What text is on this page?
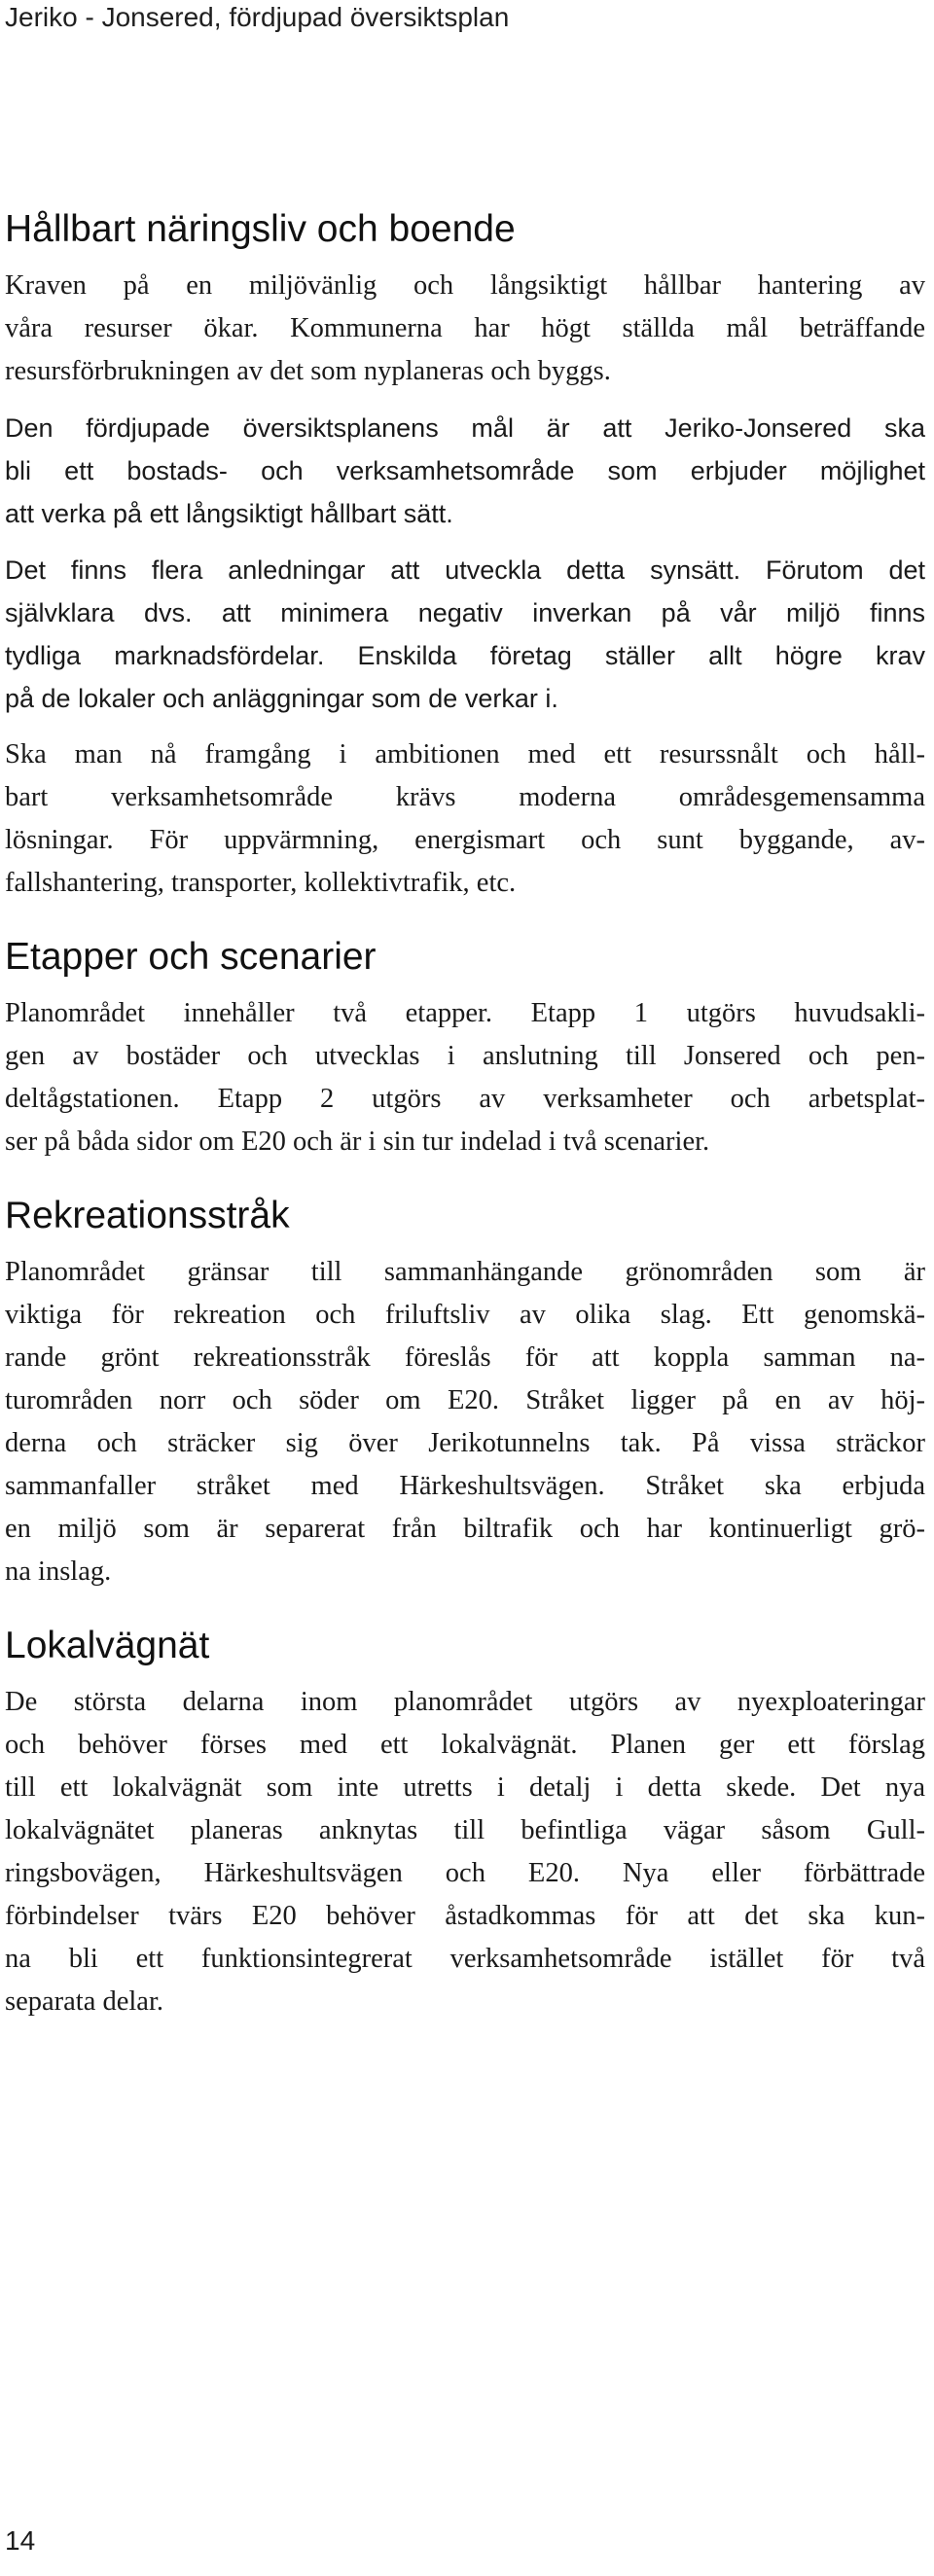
Jeriko - Jonsered, fördjupad översiktsplan
Hållbart näringsliv och boende

Kraven på en miljövänlig och långsiktigt hållbar hantering av
våra resurser ökar. Kommunerna har högt ställda mål beträffande
resursförbrukningen av det som nyplaneras och byggs.

Den fördjupade översiktsplanens mål är att Jeriko-Jonsered ska
bli ett bostads- och verksamhetsområde som erbjuder möjlighet
att verka på ett långsiktigt hållbart sätt.

Det finns flera anledningar att utveckla detta synsätt. Förutom det
självklara dvs. att minimera negativ inverkan på vår miljö finns
tydliga marknadsfördelar. Enskilda företag ställer allt högre krav
på de lokaler och anläggningar som de verkar i.

Ska man nå framgång i ambitionen med ett resurssnålt och håll-
bart verksamhetsområde krävs moderna områdesgemensamma
lösningar. För uppvärmning, energismart och sunt byggande, av-
fallshantering, transporter, kollektivtrafik, etc.

Etapper och scenarier

Planområdet innehåller två etapper. Etapp 1 utgörs huvudsakli-
gen av bostäder och utvecklas i anslutning till Jonsered och pen-
deltågstationen. Etapp 2 utgörs av verksamheter och arbetsplat-
ser på båda sidor om E20 och är i sin tur indelad i två scenarier.

Rekreationsstråk

Planområdet gränsar till sammanhängande grönområden som är
viktiga för rekreation och friluftsliv av olika slag. Ett genomskä-
rande grönt rekreationsstråk föreslås för att koppla samman na-
turområden norr och söder om E20. Stråket ligger på en av höj-
derna och sträcker sig över Jerikotunnelns tak. På vissa sträckor
sammanfaller stråket med Härkeshultsvägen. Stråket ska erbjuda
en miljö som är separerat från biltrafik och har kontinuerligt grö-
na inslag.

Lokalvägnät

De största delarna inom planområdet utgörs av nyexploateringar
och behöver förses med ett lokalvägnät. Planen ger ett förslag
till ett lokalvägnät som inte utretts i detalj i detta skede. Det nya
lokalvägnätet planeras anknytas till befintliga vägar såsom Gull-
ringsbovägen, Härkeshultsvägen och E20. Nya eller förbättrade
förbindelser tvärs E20 behöver åstadkommas för att det ska kun-
na bli ett funktionsintegrerat verksamhetsområde istället för två
separata delar.

14
